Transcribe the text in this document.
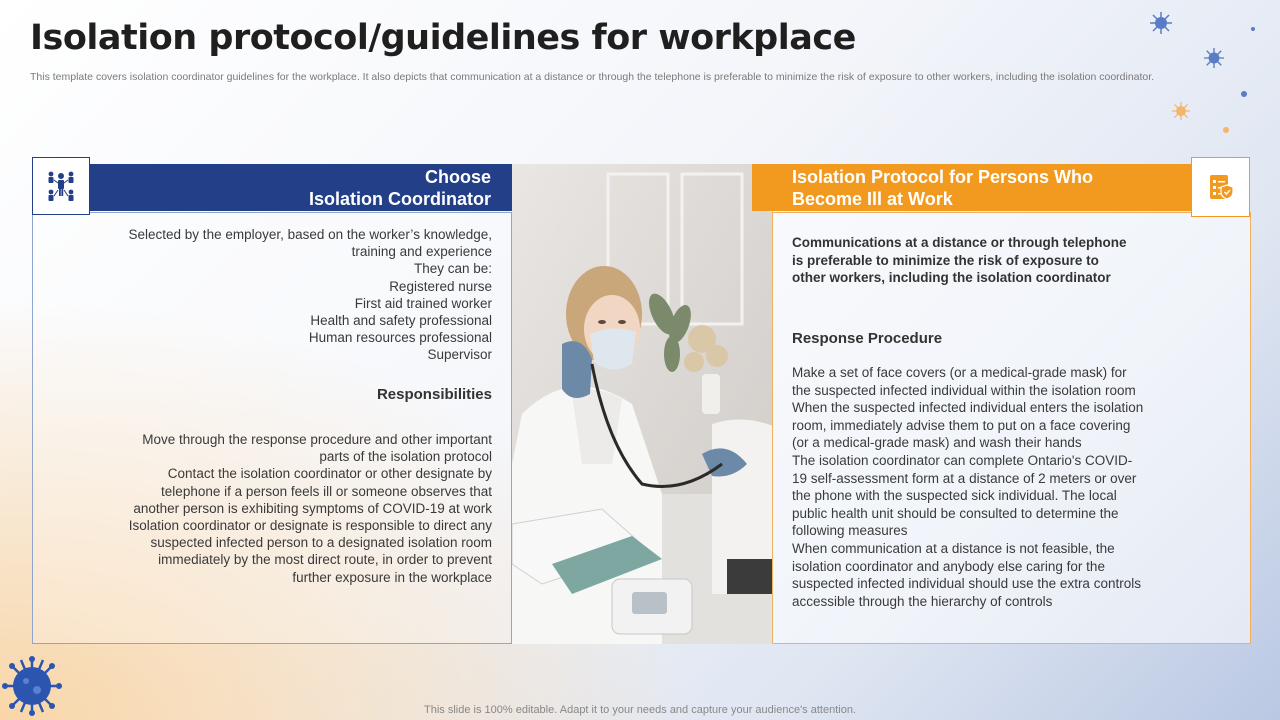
Isolation protocol/guidelines for workplace
This template covers isolation coordinator guidelines for the workplace. It also depicts that communication at a distance or through the telephone is preferable to minimize the risk of exposure to other workers, including the isolation coordinator.
Choose
Isolation Coordinator
Selected by the employer, based on the worker’s knowledge,
training and experience
They can be:
Registered nurse
First aid trained worker
Health and safety professional
Human resources professional
Supervisor
Responsibilities
Move through the response procedure and other important
parts of the isolation protocol
Contact the isolation coordinator or other designate by
telephone if a person feels ill or someone observes that
another person is exhibiting symptoms of COVID-19 at work
Isolation coordinator or designate is responsible to direct any
suspected infected person to a designated isolation room
immediately by the most direct route, in order to prevent
further exposure in the workplace
Isolation Protocol for Persons Who
Become Ill at Work
Communications at a distance or through telephone
is preferable to minimize the risk of exposure to
other workers, including the isolation coordinator
Response Procedure
Make a set of face covers (or a medical-grade mask) for
the suspected infected individual within the isolation room
When the suspected infected individual enters the isolation
room, immediately advise them to put on a face covering
(or a medical-grade mask) and wash their hands
The isolation coordinator can complete Ontario's COVID-
19 self-assessment form at a distance of 2 meters or over
the phone with the suspected sick individual. The local
public health unit should be consulted to determine the
following measures
When communication at a distance is not feasible, the
isolation coordinator and anybody else caring for the
suspected infected individual should use the extra controls
accessible through the hierarchy of controls
This slide is 100% editable. Adapt it to your needs and capture your audience's attention.
